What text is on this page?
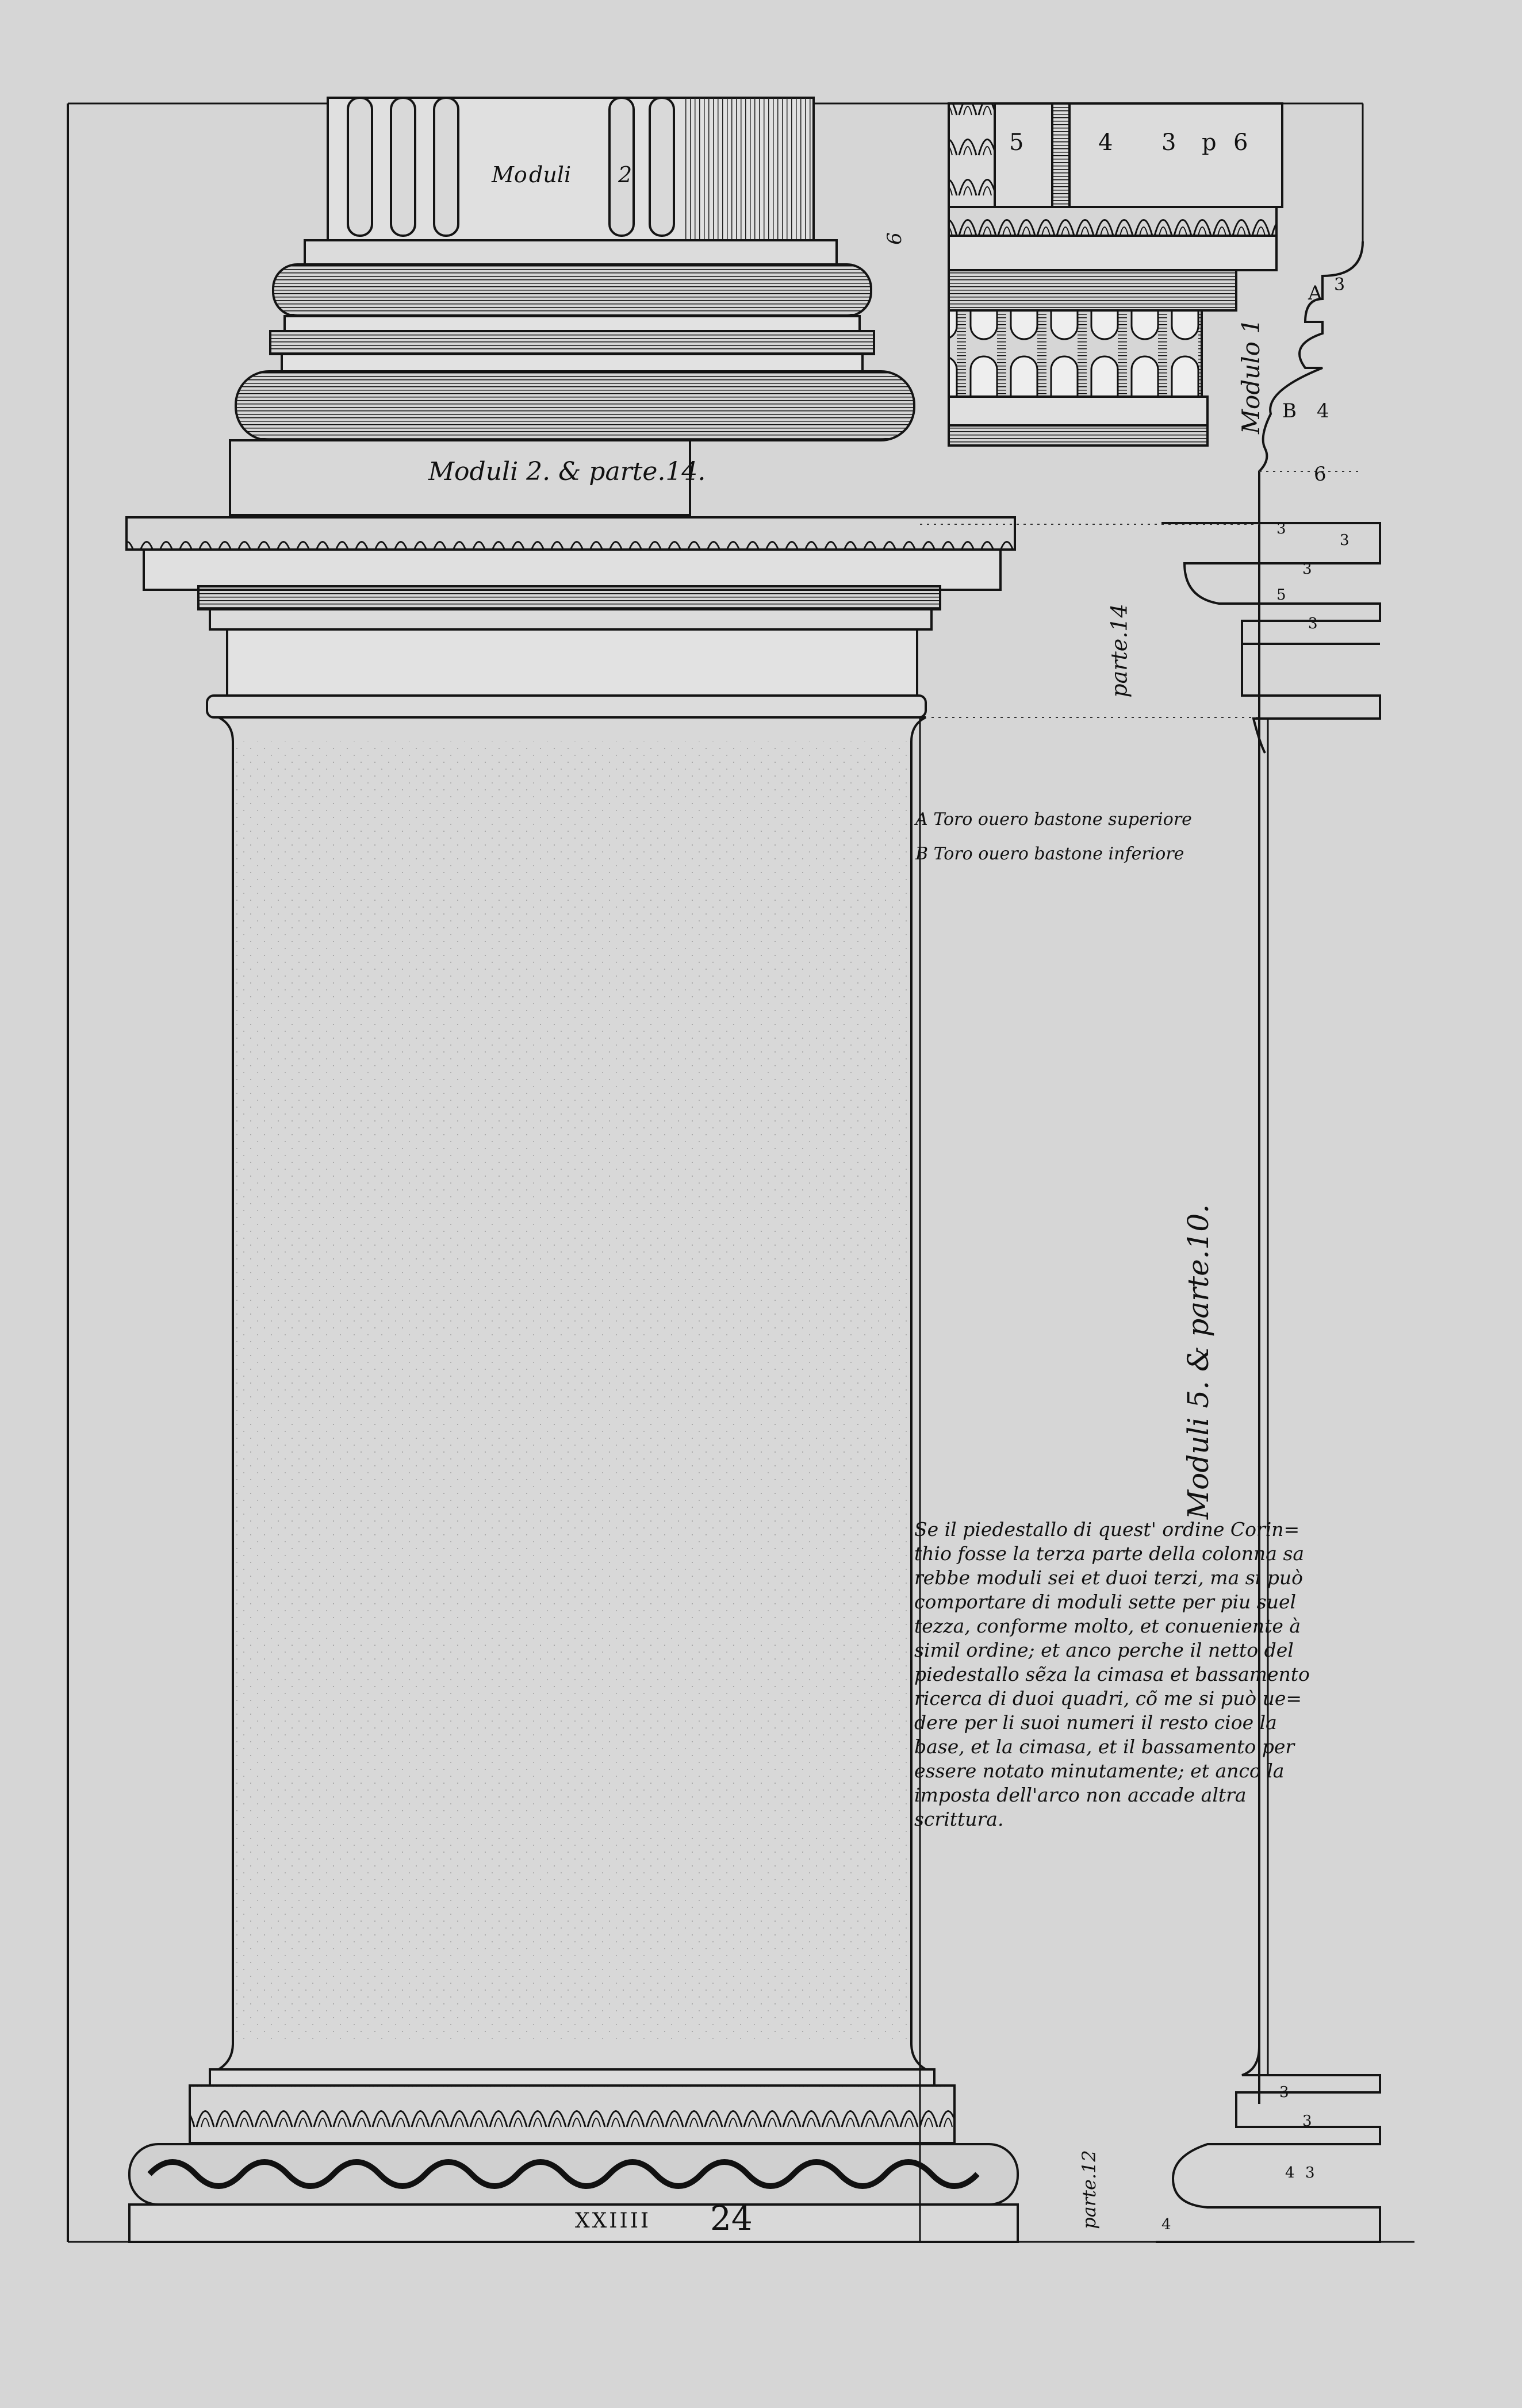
Mo duli 2
Moduli 2. & parte.14.
6
5	4 3 p 6
Modulo 1
A 3
B 4
6
3
3
3
5
3
parte.14
A Toro ouero bastone superiore
B Toro ouero bastone inferiore
Moduli 5. & parte.10.
Se il piedestallo di quest' ordine Corin=
thio fosse la terza parte della colonna sa
rebbe moduli sei et duoi terzi, ma si può
comportare di moduli sette per piu suel
tezza, conforme molto, et conueniente à
simil ordine; et anco perche il netto del
piedestallo sẽza la cimasa et bassamento
ricerca di duoi quadri, cõ me si può ue=
dere per li suoi numeri il resto cioe la
base, et la cimasa, et il bassamento per
essere notato minutamente; et anco la
imposta dell'arco non accade altra
scrittura.
3
3
4 3
4
parte.12
XXIIII 24
